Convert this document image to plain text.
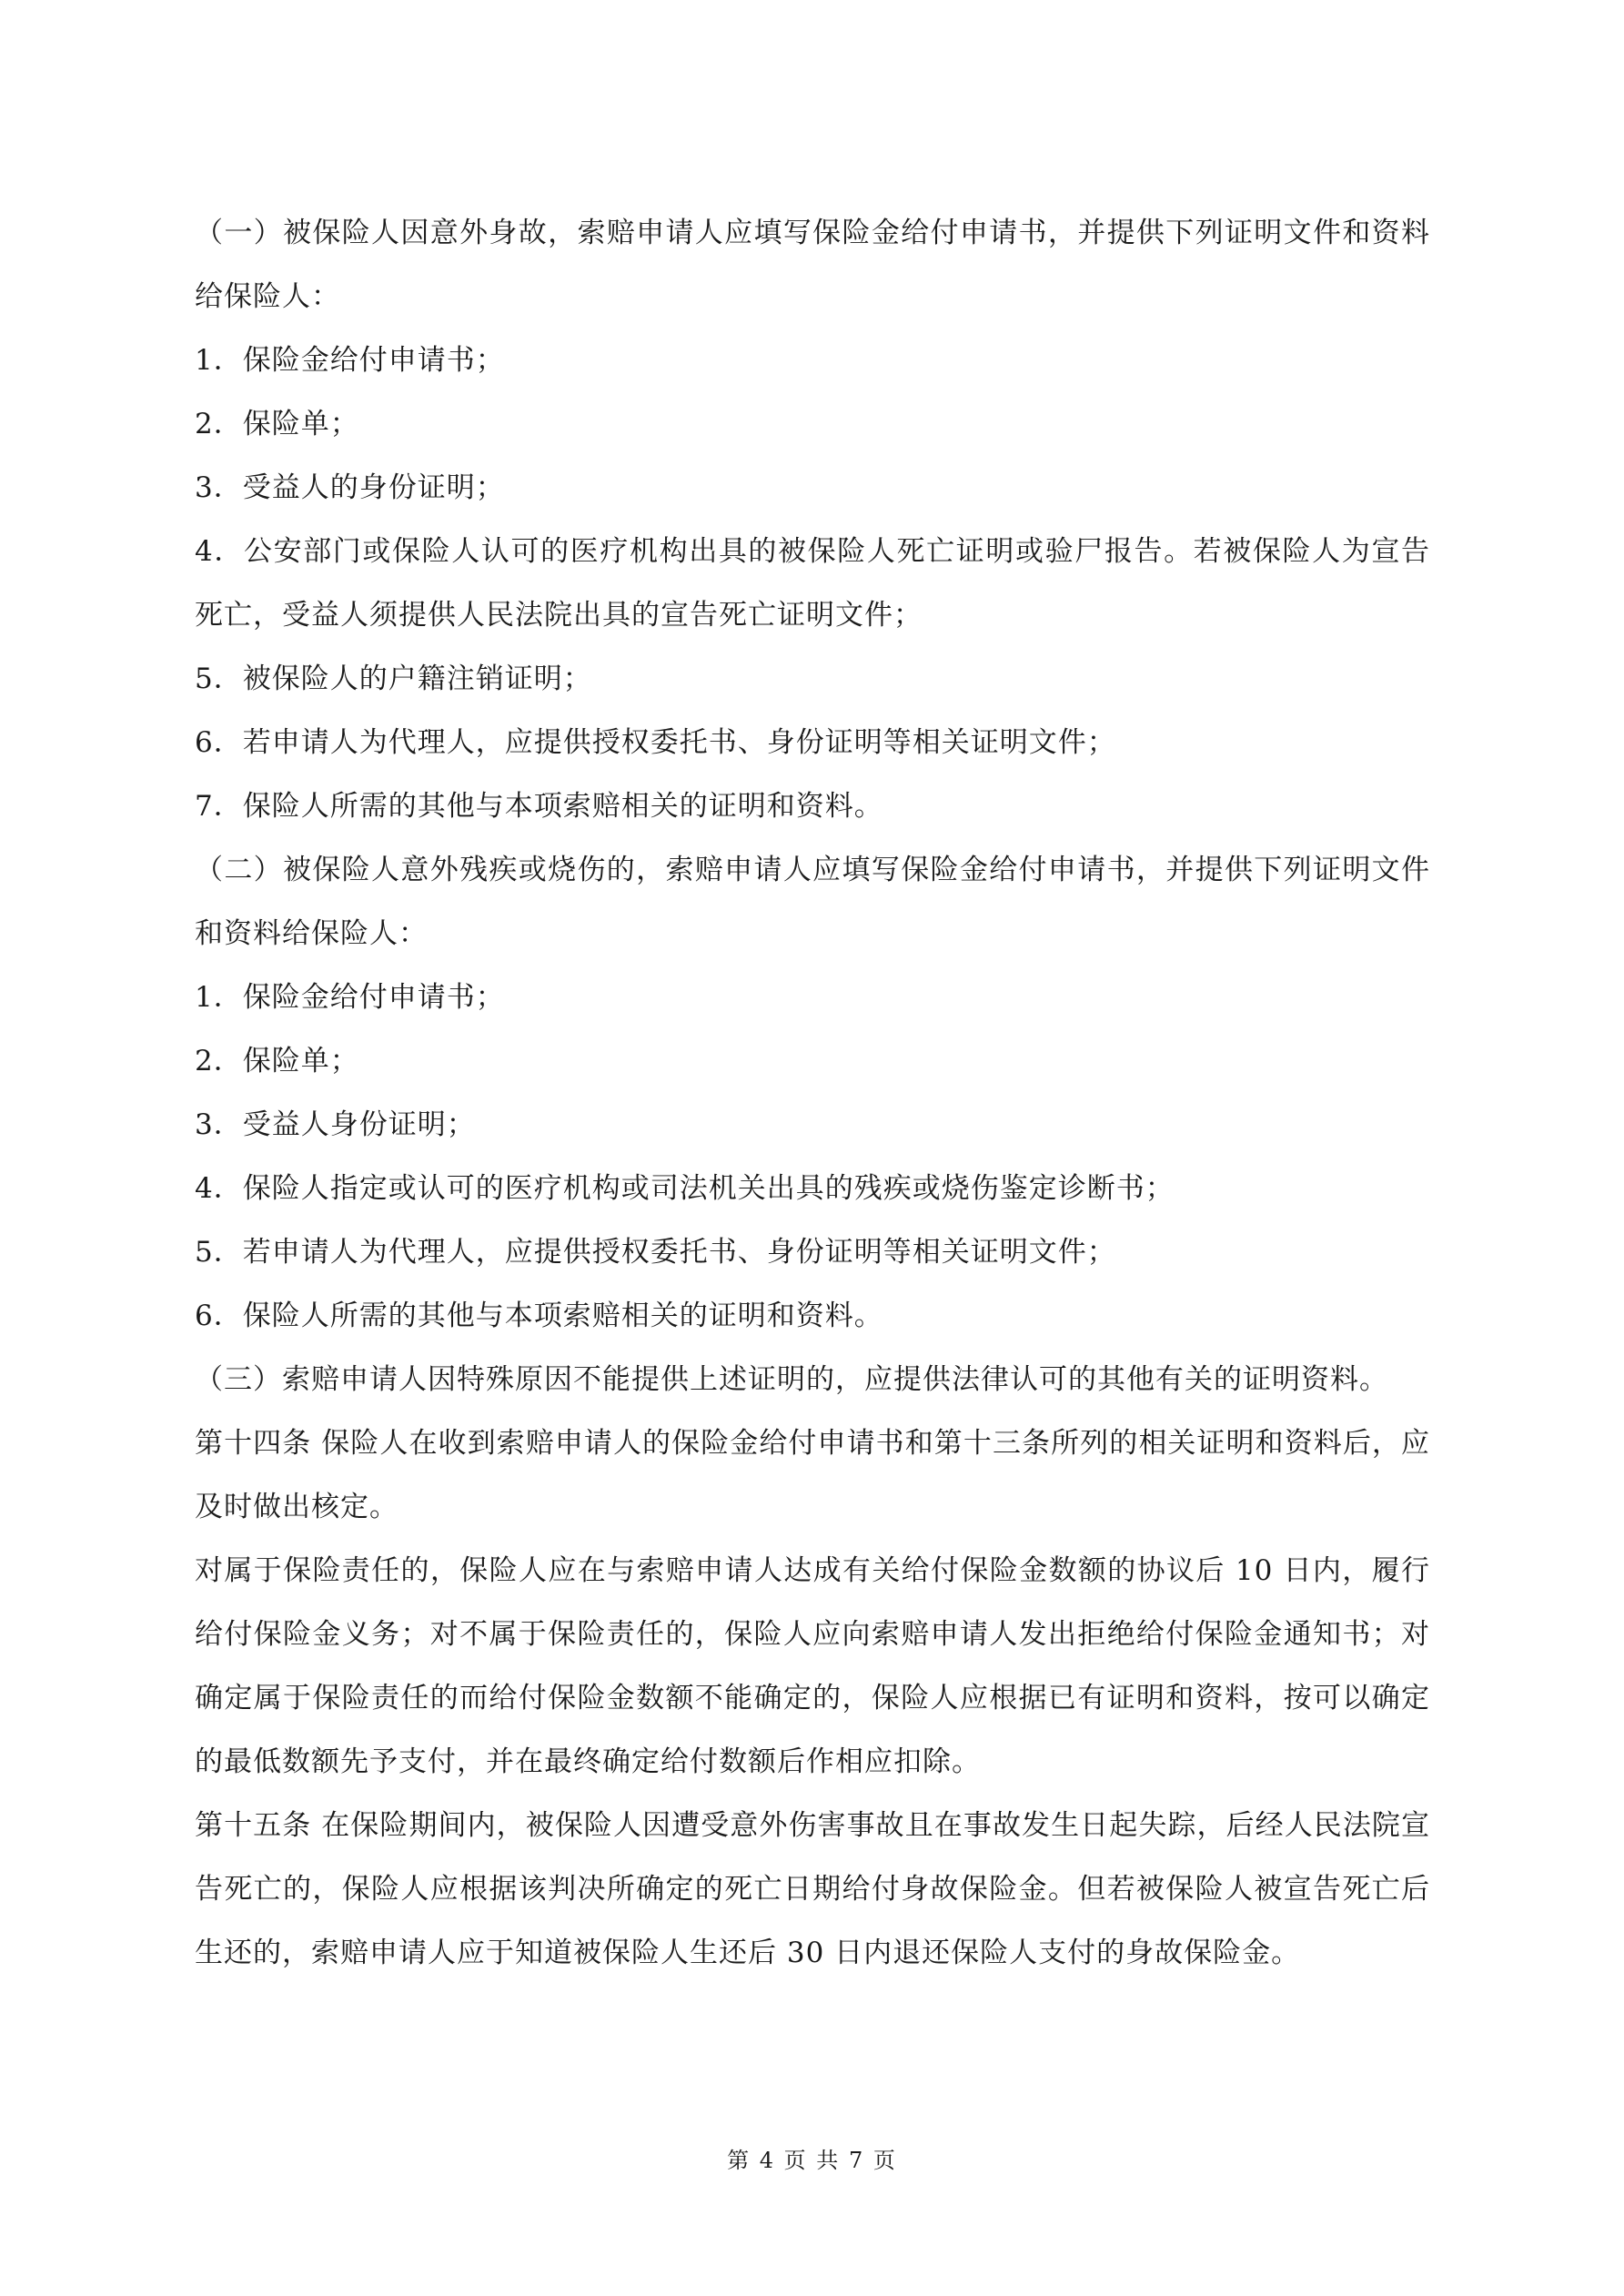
（一）被保险人因意外身故，索赔申请人应填写保险金给付申请书，并提供下列证明文件和资料给保险人：

1．保险金给付申请书；

2．保险单；

3．受益人的身份证明；

4．公安部门或保险人认可的医疗机构出具的被保险人死亡证明或验尸报告。若被保险人为宣告死亡，受益人须提供人民法院出具的宣告死亡证明文件；

5．被保险人的户籍注销证明；

6．若申请人为代理人，应提供授权委托书、身份证明等相关证明文件；

7．保险人所需的其他与本项索赔相关的证明和资料。

（二）被保险人意外残疾或烧伤的，索赔申请人应填写保险金给付申请书，并提供下列证明文件和资料给保险人：

1．保险金给付申请书；

2．保险单；

3．受益人身份证明；

4．保险人指定或认可的医疗机构或司法机关出具的残疾或烧伤鉴定诊断书；

5．若申请人为代理人，应提供授权委托书、身份证明等相关证明文件；

6．保险人所需的其他与本项索赔相关的证明和资料。

（三）索赔申请人因特殊原因不能提供上述证明的，应提供法律认可的其他有关的证明资料。

第十四条 保险人在收到索赔申请人的保险金给付申请书和第十三条所列的相关证明和资料后，应及时做出核定。

对属于保险责任的，保险人应在与索赔申请人达成有关给付保险金数额的协议后 10 日内，履行给付保险金义务；对不属于保险责任的，保险人应向索赔申请人发出拒绝给付保险金通知书；对确定属于保险责任的而给付保险金数额不能确定的，保险人应根据已有证明和资料，按可以确定的最低数额先予支付，并在最终确定给付数额后作相应扣除。

第十五条 在保险期间内，被保险人因遭受意外伤害事故且在事故发生日起失踪，后经人民法院宣告死亡的，保险人应根据该判决所确定的死亡日期给付身故保险金。但若被保险人被宣告死亡后生还的，索赔申请人应于知道被保险人生还后 30 日内退还保险人支付的身故保险金。

第 4 页 共 7 页
